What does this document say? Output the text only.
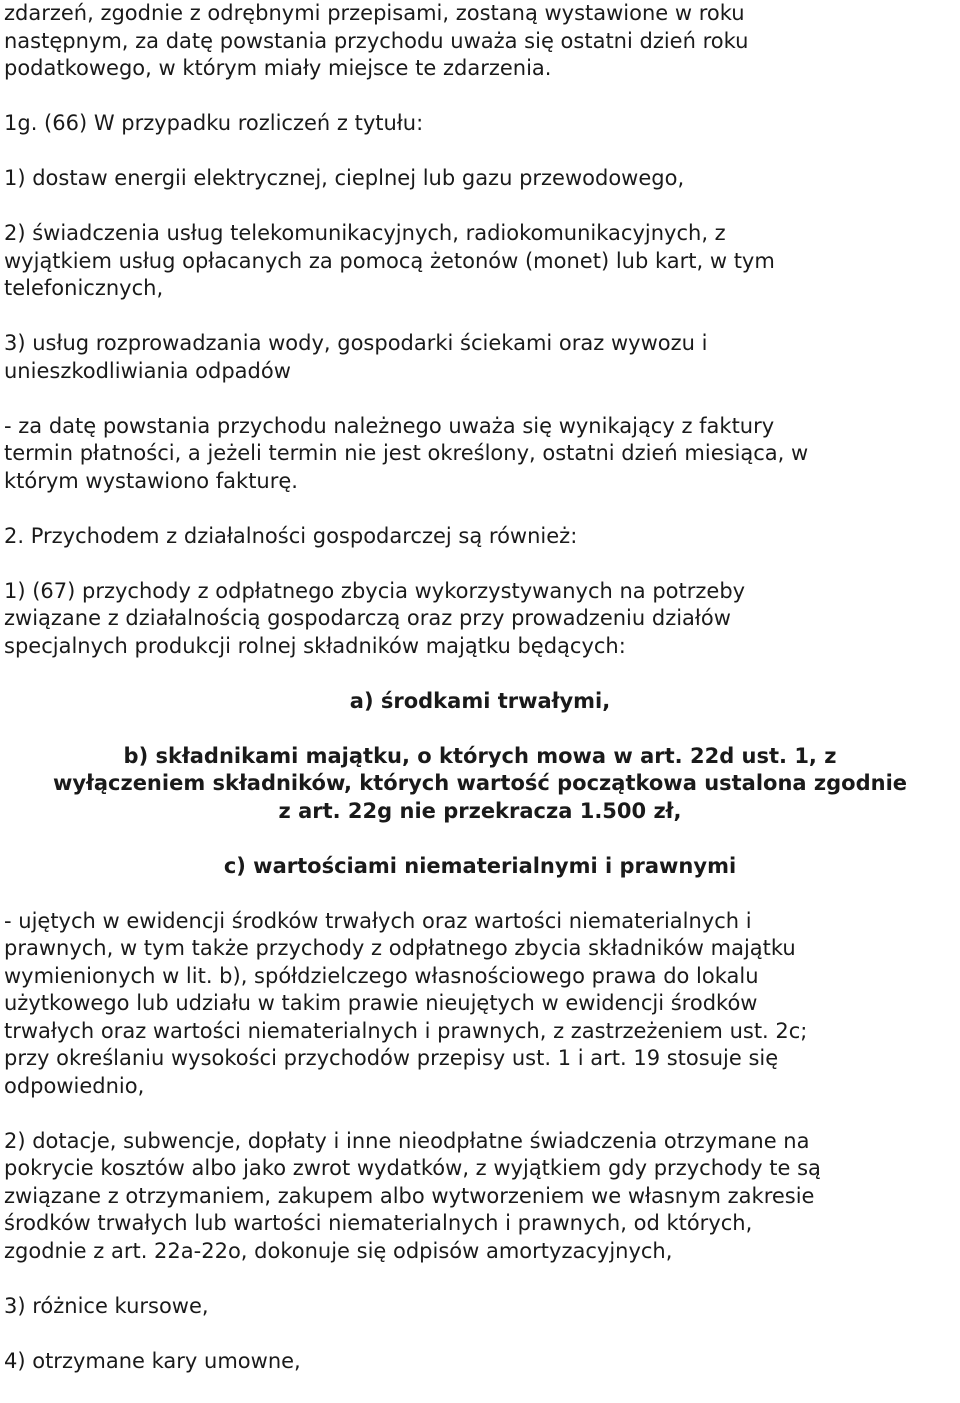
zdarzeń, zgodnie z odrębnymi przepisami, zostaną wystawione w roku
następnym, za datę powstania przychodu uważa się ostatni dzień roku
podatkowego, w którym miały miejsce te zdarzenia.

1g. (66) W przypadku rozliczeń z tytułu:

1) dostaw energii elektrycznej, cieplnej lub gazu przewodowego,

2) świadczenia usług telekomunikacyjnych, radiokomunikacyjnych, z
wyjątkiem usług opłacanych za pomocą żetonów (monet) lub kart, w tym
telefonicznych,

3) usług rozprowadzania wody, gospodarki ściekami oraz wywozu i
unieszkodliwiania odpadów

- za datę powstania przychodu należnego uważa się wynikający z faktury
termin płatności, a jeżeli termin nie jest określony, ostatni dzień miesiąca, w
którym wystawiono fakturę.

2. Przychodem z działalności gospodarczej są również:

1) (67) przychody z odpłatnego zbycia wykorzystywanych na potrzeby
związane z działalnością gospodarczą oraz przy prowadzeniu działów
specjalnych produkcji rolnej składników majątku będących:

a) środkami trwałymi,

b) składnikami majątku, o których mowa w art. 22d ust. 1, z
wyłączeniem składników, których wartość początkowa ustalona zgodnie
z art. 22g nie przekracza 1.500 zł,

c) wartościami niematerialnymi i prawnymi

- ujętych w ewidencji środków trwałych oraz wartości niematerialnych i
prawnych, w tym także przychody z odpłatnego zbycia składników majątku
wymienionych w lit. b), spółdzielczego własnościowego prawa do lokalu
użytkowego lub udziału w takim prawie nieujętych w ewidencji środków
trwałych oraz wartości niematerialnych i prawnych, z zastrzeżeniem ust. 2c;
przy określaniu wysokości przychodów przepisy ust. 1 i art. 19 stosuje się
odpowiednio,

2) dotacje, subwencje, dopłaty i inne nieodpłatne świadczenia otrzymane na
pokrycie kosztów albo jako zwrot wydatków, z wyjątkiem gdy przychody te są
związane z otrzymaniem, zakupem albo wytworzeniem we własnym zakresie
środków trwałych lub wartości niematerialnych i prawnych, od których,
zgodnie z art. 22a-22o, dokonuje się odpisów amortyzacyjnych,

3) różnice kursowe,

4) otrzymane kary umowne,
